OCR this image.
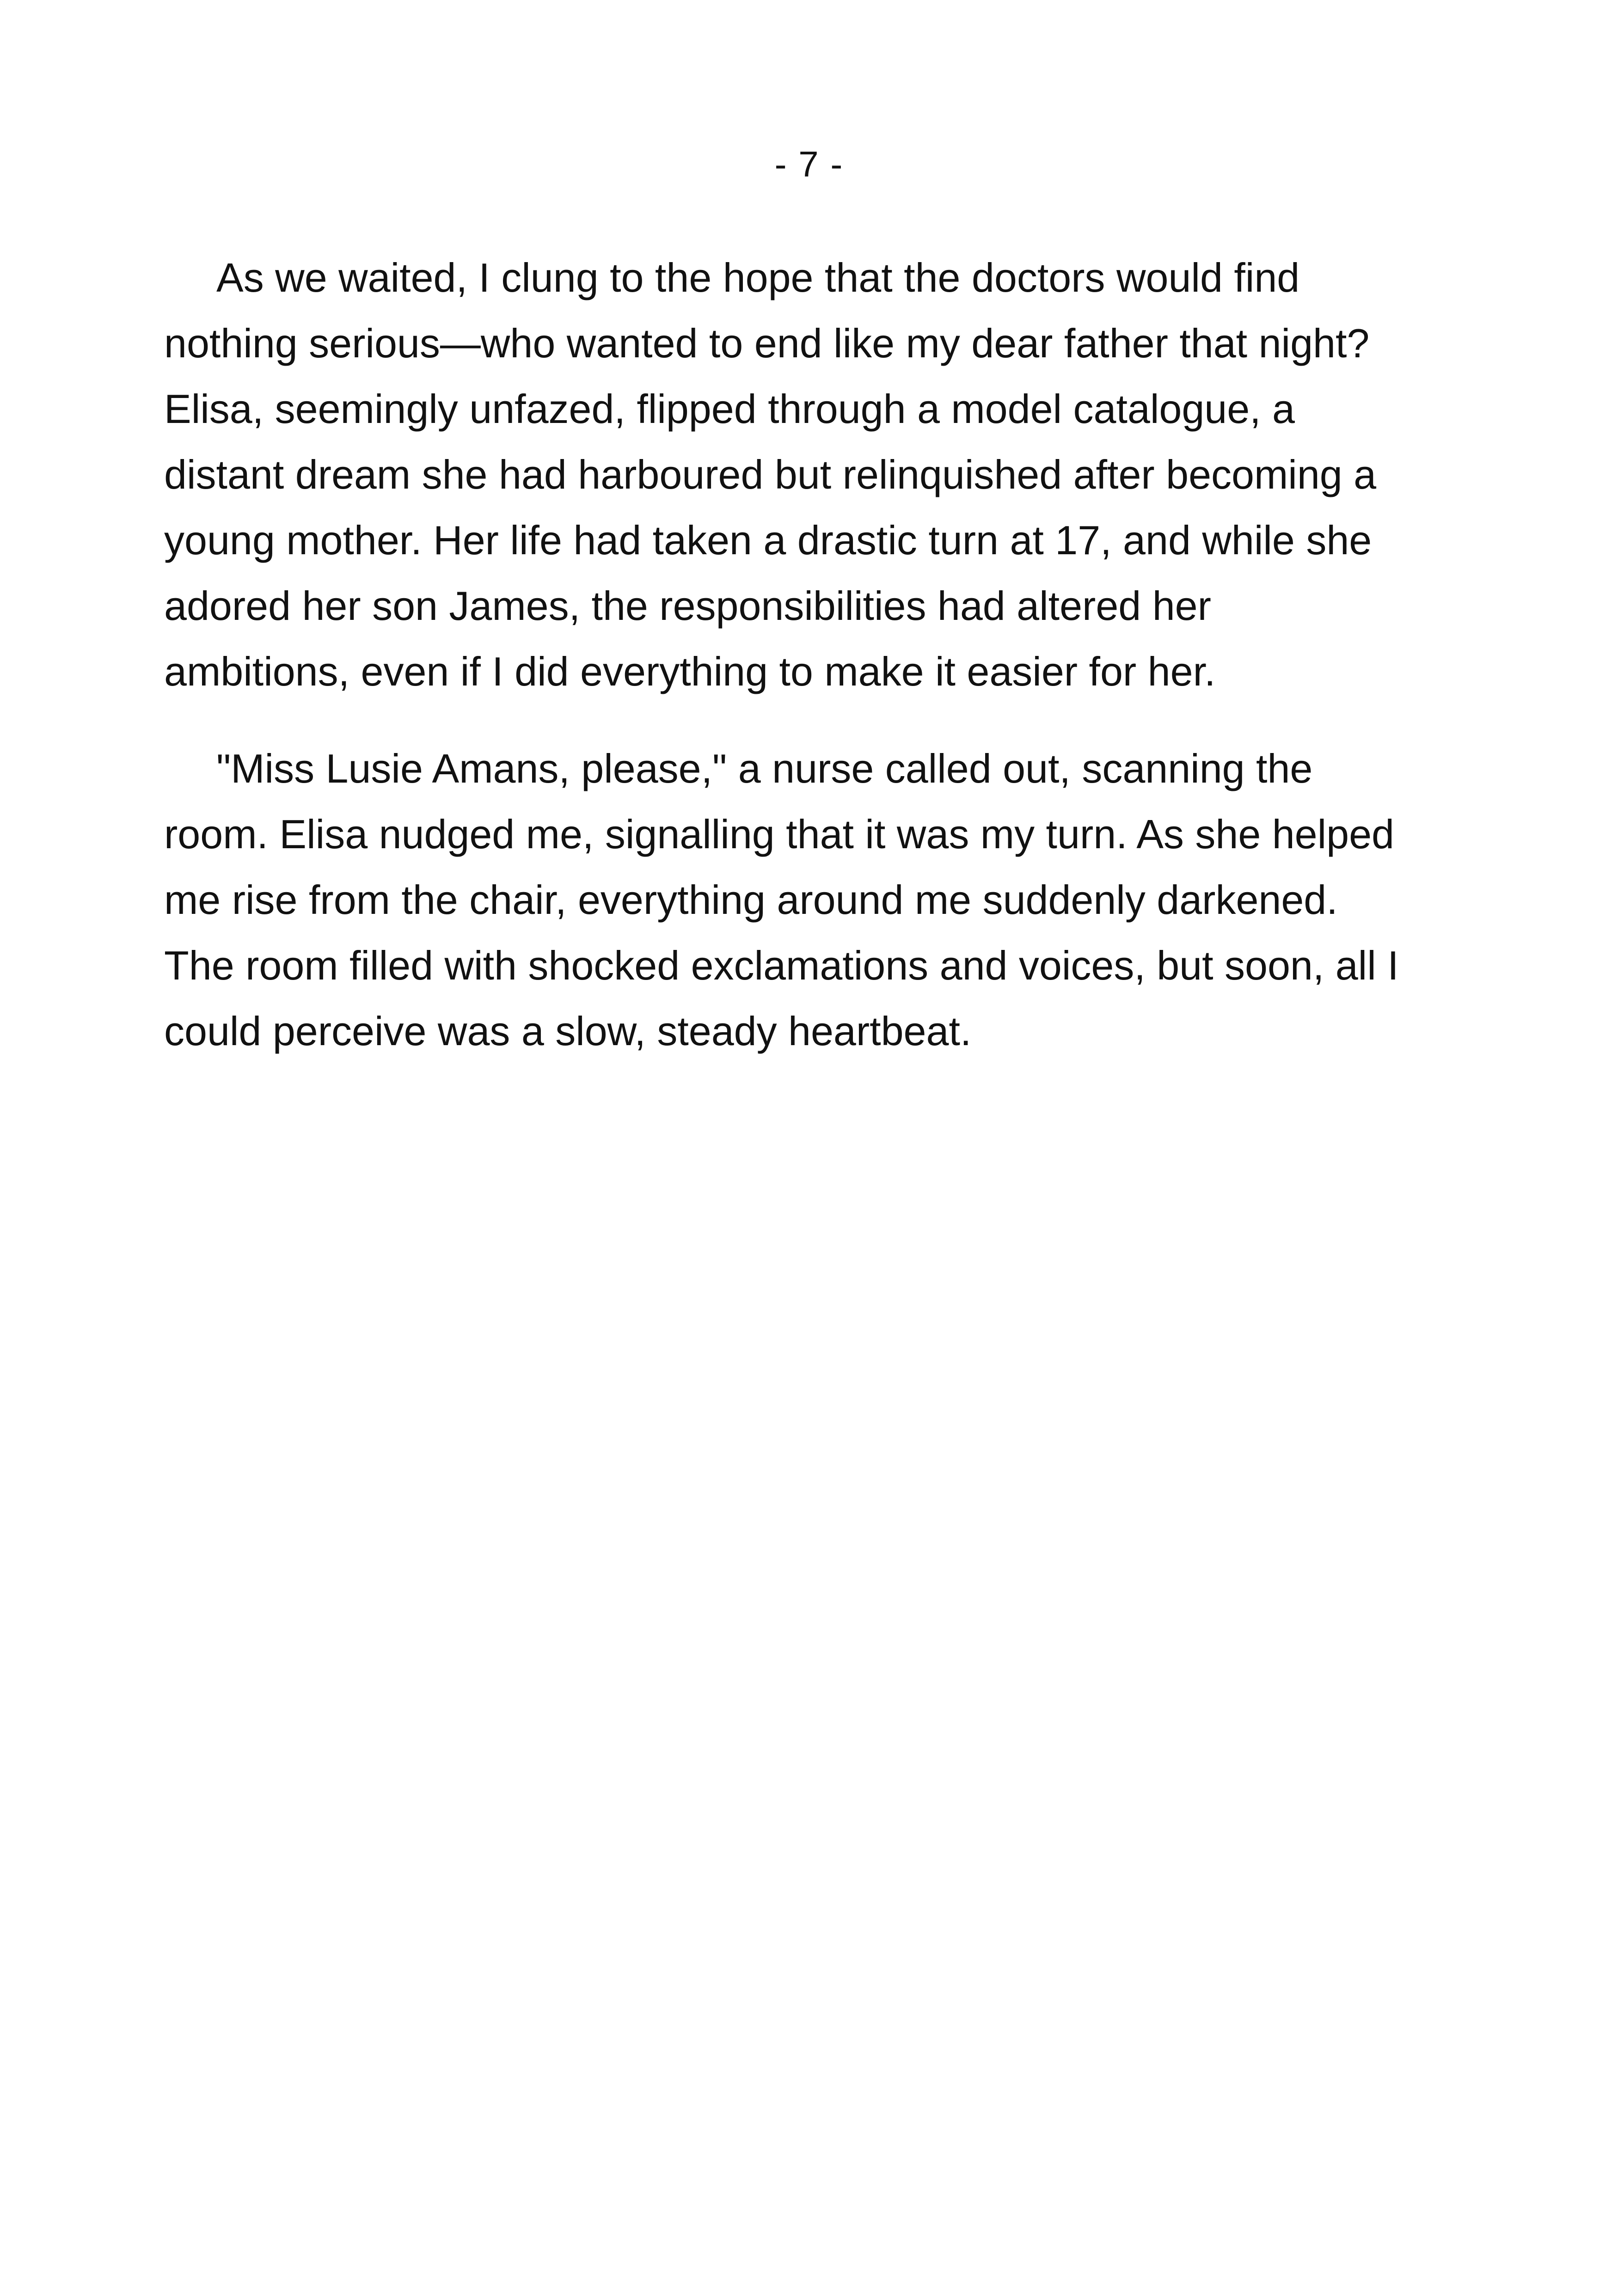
- 7 -
As we waited, I clung to the hope that the doctors would find
nothing serious—who wanted to end like my dear father that night?
Elisa, seemingly unfazed, flipped through a model catalogue, a
distant dream she had harboured but relinquished after becoming a
young mother. Her life had taken a drastic turn at 17, and while she
adored her son James, the responsibilities had altered her
ambitions, even if I did everything to make it easier for her.
"Miss Lusie Amans, please," a nurse called out, scanning the
room. Elisa nudged me, signalling that it was my turn. As she helped
me rise from the chair, everything around me suddenly darkened.
The room filled with shocked exclamations and voices, but soon, all I
could perceive was a slow, steady heartbeat.
